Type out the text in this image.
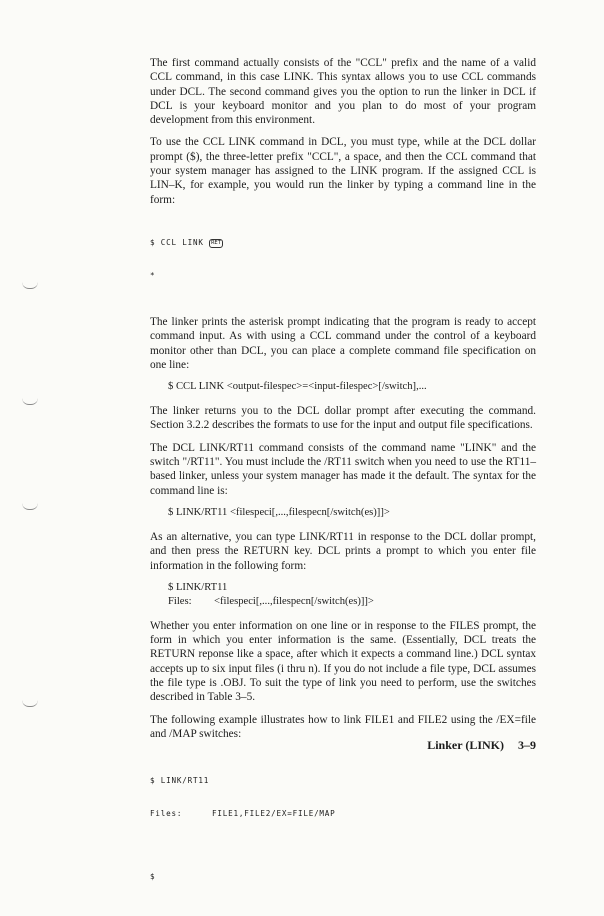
The first command actually consists of the "CCL" prefix and the name of a valid CCL command, in this case LINK. This syntax allows you to use CCL commands under DCL. The second command gives you the option to run the linker in DCL if DCL is your keyboard monitor and you plan to do most of your program development from this environment.

To use the CCL LINK command in DCL, you must type, while at the DCL dollar prompt ($), the three-letter prefix "CCL", a space, and then the CCL command that your system manager has assigned to the LINK program. If the assigned CCL is LIN–K, for example, you would run the linker by typing a command line in the form:

$ CCL LINK RET

*

The linker prints the asterisk prompt indicating that the program is ready to accept command input. As with using a CCL command under the control of a keyboard monitor other than DCL, you can place a complete command file specification on one line:

$ CCL LINK <output-filespec>=<input-filespec>[/switch],...

The linker returns you to the DCL dollar prompt after executing the command. Section 3.2.2 describes the formats to use for the input and output file specifications.

The DCL LINK/RT11 command consists of the command name "LINK" and the switch "/RT11". You must include the /RT11 switch when you need to use the RT11–based linker, unless your system manager has made it the default. The syntax for the command line is:

$ LINK/RT11 <filespeci[,...,filespecn[/switch(es)]]>

As an alternative, you can type LINK/RT11 in response to the DCL dollar prompt, and then press the RETURN key. DCL prints a prompt to which you enter file information in the following form:

$ LINK/RT11
Files: <filespeci[,...,filespecn[/switch(es)]]>

Whether you enter information on one line or in response to the FILES prompt, the form in which you enter information is the same. (Essentially, DCL treats the RETURN reponse like a space, after which it expects a command line.) DCL syntax accepts up to six input files (i thru n). If you do not include a file type, DCL assumes the file type is .OBJ. To suit the type of link you need to perform, use the switches described in Table 3–5.

The following example illustrates how to link FILE1 and FILE2 using the /EX=file and /MAP switches:

$ LINK/RT11

Files:	FILE1,FILE2/EX=FILE/MAP

$

Linker (LINK) 3–9
